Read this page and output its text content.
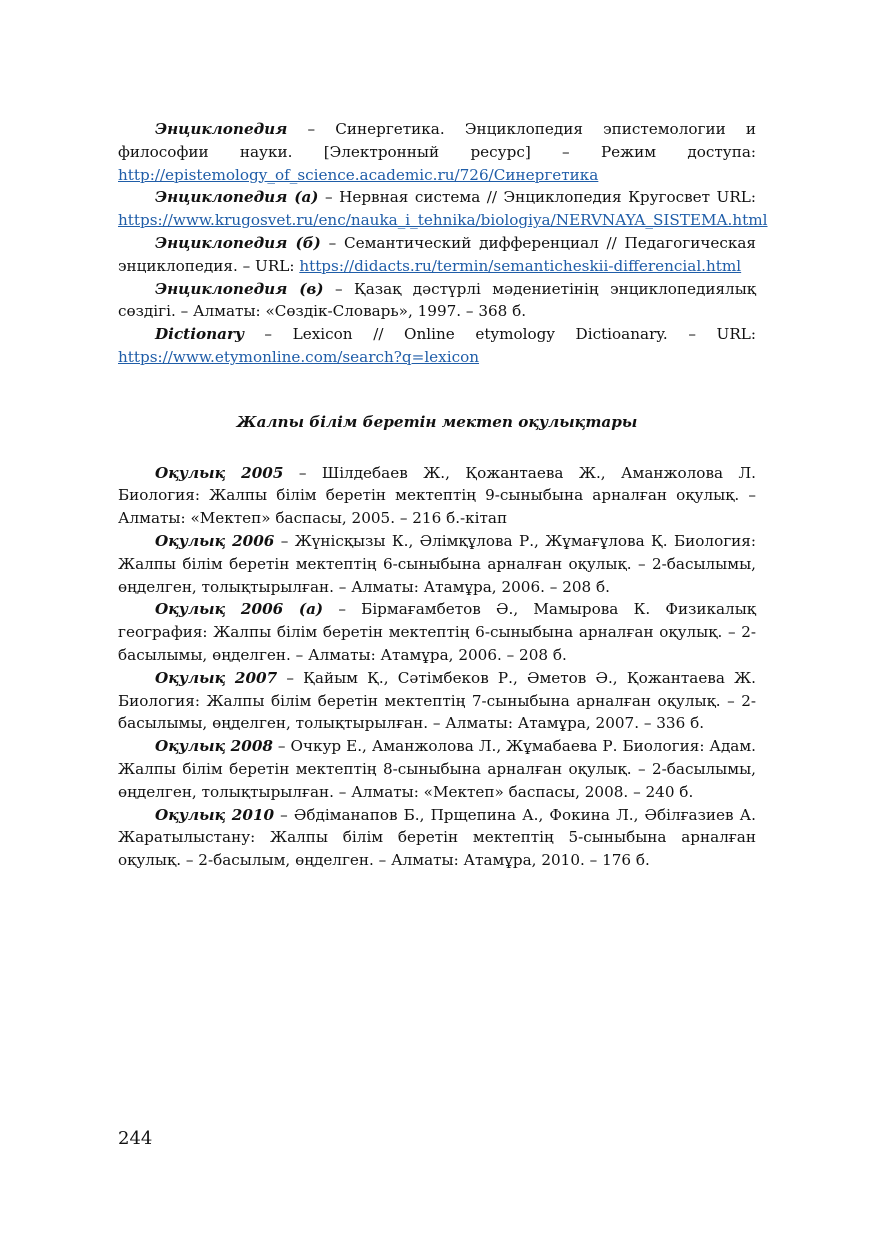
Энциклопедия – Синергетика. Энциклопедия эпистемологии и философии науки. [Электронный ресурс] – Режим доступа: http://epistemology_of_science.academic.ru/726/Синергетика

Энциклопедия (а) – Нервная система // Энциклопедия Кругосвет URL: https://www.krugosvet.ru/enc/nauka_i_tehnika/biologiya/NERVNAYA_SISTEMA.html

Энциклопедия (б) – Семантический дифференциал // Педагогическая энциклопедия. – URL: https://didacts.ru/termin/semanticheskii-differencial.html

Энциклопедия (в) – Қазақ дәстүрлі мәдениетінің энциклопедиялық сөздігі. – Алматы: «Сөздік-Словарь», 1997. – 368 б.

Dictionary – Lexicon // Online etymology Dictioanary. – URL: https://www.etymonline.com/search?q=lexicon

Жалпы білім беретін мектеп оқулықтары

Оқулық 2005 – Шілдебаев Ж., Қожантаева Ж., Аманжолова Л. Биология: Жалпы білім беретін мектептің 9-сыныбына арналған оқулық. – Алматы: «Мектеп» баспасы, 2005. – 216 б.-кітап

Оқулық 2006 – Жүнісқызы К., Әлімқұлова Р., Жұмағұлова Қ. Биология: Жалпы білім беретін мектептің 6-сыныбына арналған оқулық. – 2-басылымы, өңделген, толықтырылған. – Алматы: Атамұра, 2006. – 208 б.

Оқулық 2006 (а) – Бірмағамбетов Ә., Мамырова К. Физикалық география: Жалпы білім беретін мектептің 6-сыныбына арналған оқулық. – 2-басылымы, өңделген. – Алматы: Атамұра, 2006. – 208 б.

Оқулық 2007 – Қайым Қ., Сәтімбеков Р., Әметов Ә., Қожантаева Ж. Биология: Жалпы білім беретін мектептің 7-сыныбына арналған оқулық. – 2-басылымы, өңделген, толықтырылған. – Алматы: Атамұра, 2007. – 336 б.

Оқулық 2008 – Очкур Е., Аманжолова Л., Жұмабаева Р. Биология: Адам. Жалпы білім беретін мектептің 8-сыныбына арналған оқулық. – 2-басылымы, өңделген, толықтырылған. – Алматы: «Мектеп» баспасы, 2008. – 240 б.

Оқулық 2010 – Әбдіманапов Б., Прщепина А., Фокина Л., Әбілғазиев А. Жаратылыстану: Жалпы білім беретін мектептің 5-сыныбына арналған оқулық. – 2-басылым, өңделген. – Алматы: Атамұра, 2010. – 176 б.

244
